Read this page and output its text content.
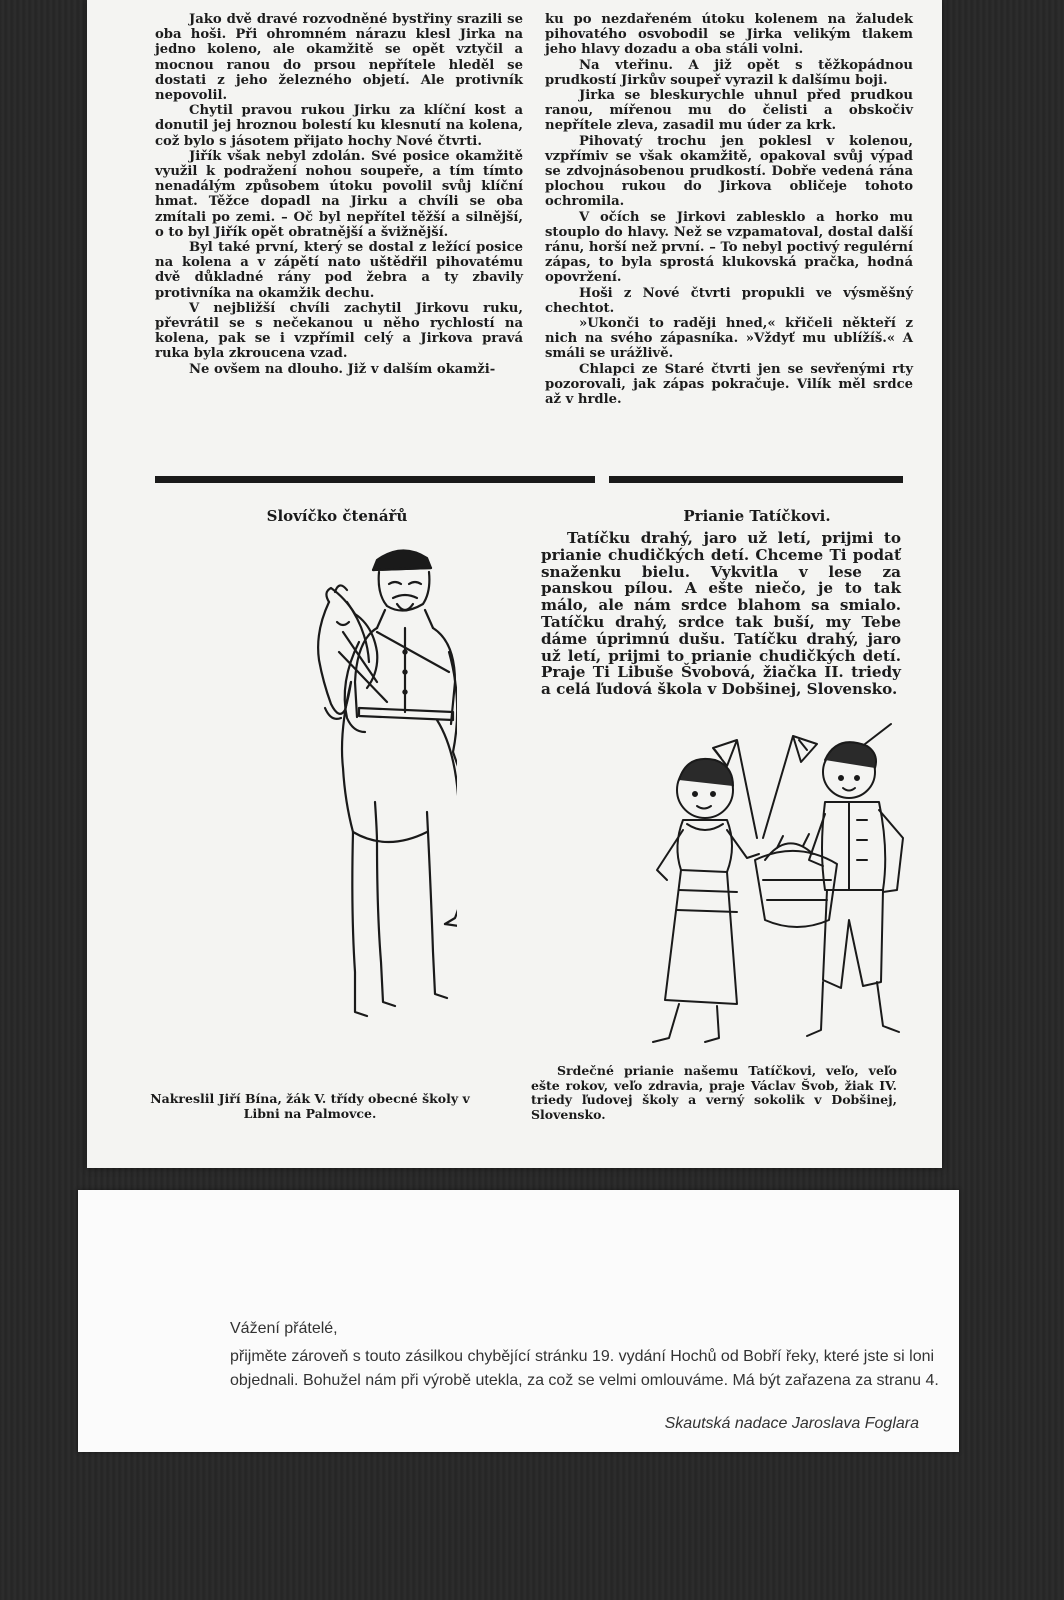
Jako dvě dravé rozvodněné bystřiny srazili se oba hoši. Při ohromném nárazu klesl Jirka na jedno koleno, ale okamžitě se opět vztyčil a mocnou ranou do prsou nepřítele hleděl se dostati z jeho železného objetí. Ale protivník nepovolil.

Chytil pravou rukou Jirku za klíční kost a donutil jej hroznou bolestí ku klesnutí na kolena, což bylo s jásotem přijato hochy Nové čtvrti.

Jiřík však nebyl zdolán. Své posice okamžitě využil k podražení nohou soupeře, a tím tímto nenadálým způsobem útoku povolil svůj klíční hmat. Těžce dopadl na Jirku a chvíli se oba zmítali po zemi. – Oč byl nepřítel těžší a silnější, o to byl Jiřík opět obratnější a švižnější.

Byl také první, který se dostal z ležící posice na kolena a v zápětí nato uštědřil pihovatému dvě důkladné rány pod žebra a ty zbavily protivníka na okamžik dechu.

V nejbližší chvíli zachytil Jirkovu ruku, převrátil se s nečekanou u něho rychlostí na kolena, pak se i vzpřímil celý a Jirkova pravá ruka byla zkroucena vzad.

Ne ovšem na dlouho. Již v dalším okamži-

ku po nezdařeném útoku kolenem na žaludek pihovatého osvobodil se Jirka velikým tlakem jeho hlavy dozadu a oba stáli volni.

Na vteřinu. A již opět s těžkopádnou prudkostí Jirkův soupeř vyrazil k dalšímu boji.

Jirka se bleskurychle uhnul před prudkou ranou, mířenou mu do čelisti a obskočiv nepřítele zleva, zasadil mu úder za krk.

Pihovatý trochu jen poklesl v kolenou, vzpřímiv se však okamžitě, opakoval svůj výpad se zdvojnásobenou prudkostí. Dobře vedená rána plochou rukou do Jirkova obličeje tohoto ochromila.

V očích se Jirkovi zablesklo a horko mu stouplo do hlavy. Než se vzpamatoval, dostal další ránu, horší než první. – To nebyl poctivý regulérní zápas, to byla sprostá klukovská pračka, hodná opovržení.

Hoši z Nové čtvrti propukli ve výsměšný chechtot.

»Ukonči to raději hned,« křičeli někteří z nich na svého zápasníka. »Vždyť mu ublížíš.« A smáli se urážlivě.

Chlapci ze Staré čtvrti jen se sevřenými rty pozorovali, jak zápas pokračuje. Vilík měl srdce až v hrdle.

Slovíčko čtenářů	Prianie Tatíčkovi.
Nakreslil Jiří Bína, žák V. třídy obecné školy v Libni na Palmovce.
Tatíčku drahý, jaro už letí, prijmi to prianie chudičkých detí. Chceme Ti podať snaženku bielu. Vykvitla v lese za panskou pílou. A ešte niečo, je to tak málo, ale nám srdce blahom sa smialo. Tatíčku drahý, srdce tak buší, my Tebe dáme úprimnú dušu. Tatíčku drahý, jaro už letí, prijmi to prianie chudičkých detí. Praje Ti Libuše Švobová, žiačka II. triedy a celá ľudová škola v Dobšinej, Slovensko.
Srdečné prianie našemu Tatíčkovi, veľo, veľo ešte rokov, veľo zdravia, praje Václav Švob, žiak IV. triedy ľudovej školy a verný sokolik v Dobšinej, Slovensko.
Vážení přátelé,
přijměte zároveň s touto zásilkou chybějící stránku 19. vydání Hochů od Bobří řeky, které jste si loni objednali. Bohužel nám při výrobě utekla, za což se velmi omlouváme. Má být zařazena za stranu 4.
Skautská nadace Jaroslava Foglara
